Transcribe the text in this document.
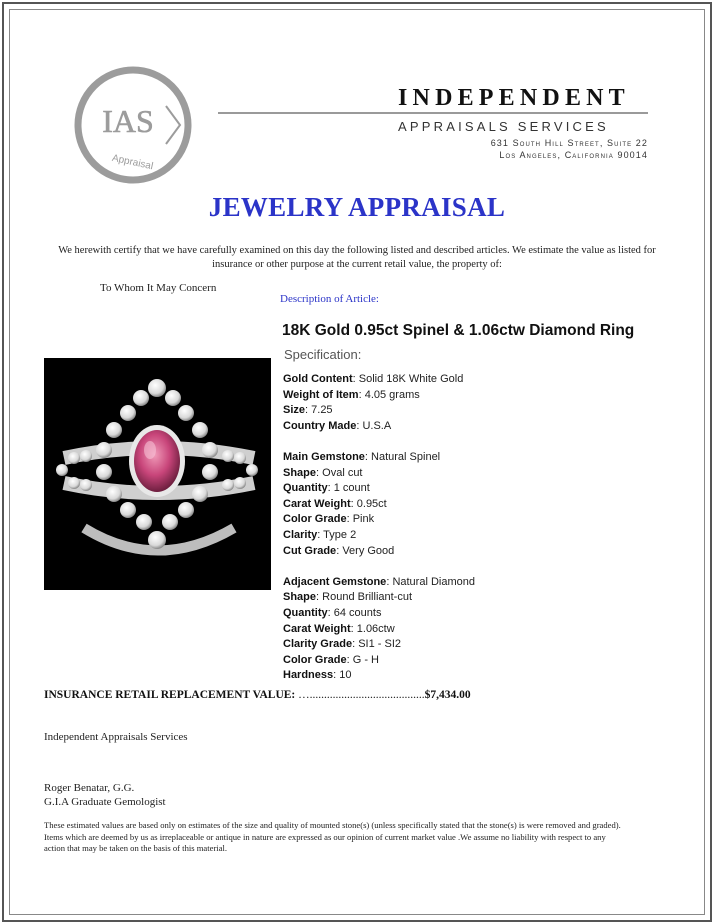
IAS
Appraisal
INDEPENDENT
APPRAISALS SERVICES
631 South Hill Street, Suite 22
Los Angeles, California 90014
JEWELRY APPRAISAL
We herewith certify that we have carefully examined on this day the following listed and described articles. We estimate the value as listed for insurance or other purpose at the current retail value, the property of:
To Whom It May Concern
Description of Article:
18K Gold 0.95ct Spinel & 1.06ctw Diamond Ring
Specification:
Gold Content: Solid 18K White Gold
Weight of Item: 4.05 grams
Size: 7.25
Country Made: U.S.A
Main Gemstone: Natural Spinel
Shape: Oval cut
Quantity: 1 count
Carat Weight: 0.95ct
Color Grade: Pink
Clarity: Type 2
Cut Grade: Very Good
Adjacent Gemstone: Natural Diamond
Shape: Round Brilliant-cut
Quantity: 64 counts
Carat Weight: 1.06ctw
Clarity Grade: SI1 - SI2
Color Grade: G - H
Hardness: 10
INSURANCE RETAIL REPLACEMENT VALUE: …........................................$7,434.00
Independent Appraisals Services
Roger Benatar, G.G.
G.I.A Graduate Gemologist
These estimated values are based only on estimates of the size and quality of mounted stone(s) (unless specifically stated that the stone(s) is were removed and graded). Items which are deemed by us as irreplaceable or antique in nature are expressed as our opinion of current market value .We assume no liability with respect to any action that may be taken on the basis of this material.
